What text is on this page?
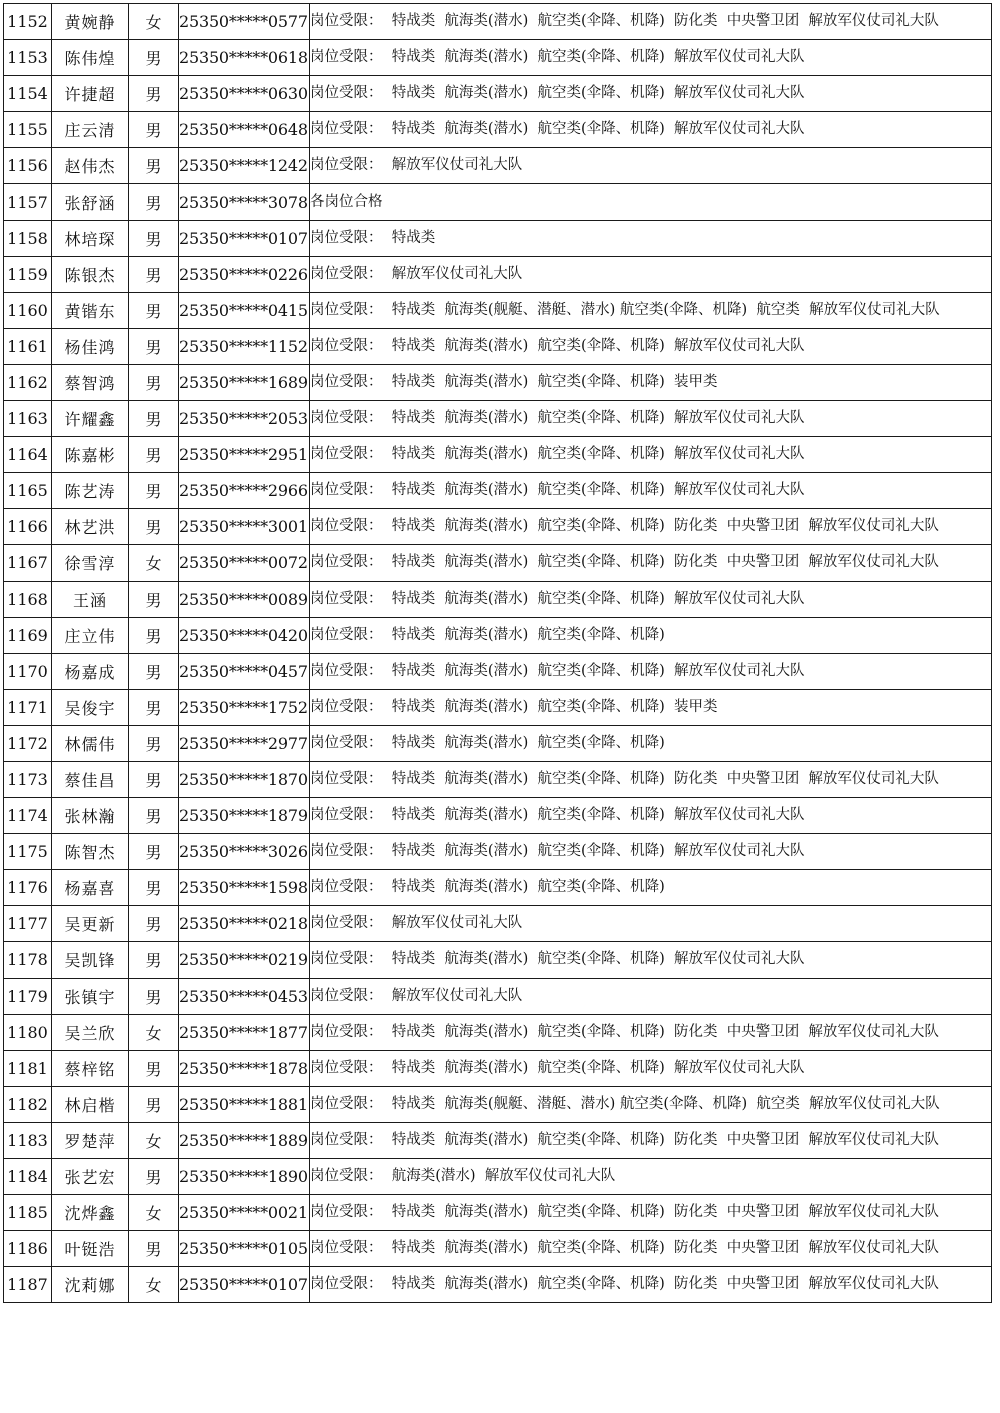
1152	黄婉静	女	25350*****0577	岗位受限：  特战类  航海类(潜水)  航空类(伞降、机降)  防化类  中央警卫团  解放军仪仗司礼大队
1153	陈伟煌	男	25350*****0618	岗位受限：  特战类  航海类(潜水)  航空类(伞降、机降)  解放军仪仗司礼大队
1154	许捷超	男	25350*****0630	岗位受限：  特战类  航海类(潜水)  航空类(伞降、机降)  解放军仪仗司礼大队
1155	庄云清	男	25350*****0648	岗位受限：  特战类  航海类(潜水)  航空类(伞降、机降)  解放军仪仗司礼大队
1156	赵伟杰	男	25350*****1242	岗位受限：  解放军仪仗司礼大队
1157	张舒涵	男	25350*****3078	各岗位合格
1158	林培琛	男	25350*****0107	岗位受限：  特战类
1159	陈银杰	男	25350*****0226	岗位受限：  解放军仪仗司礼大队
1160	黄锴东	男	25350*****0415	岗位受限：  特战类  航海类(舰艇、潜艇、潜水) 航空类(伞降、机降)  航空类  解放军仪仗司礼大队
1161	杨佳鸿	男	25350*****1152	岗位受限：  特战类  航海类(潜水)  航空类(伞降、机降)  解放军仪仗司礼大队
1162	蔡智鸿	男	25350*****1689	岗位受限：  特战类  航海类(潜水)  航空类(伞降、机降)  装甲类
1163	许耀鑫	男	25350*****2053	岗位受限：  特战类  航海类(潜水)  航空类(伞降、机降)  解放军仪仗司礼大队
1164	陈嘉彬	男	25350*****2951	岗位受限：  特战类  航海类(潜水)  航空类(伞降、机降)  解放军仪仗司礼大队
1165	陈艺涛	男	25350*****2966	岗位受限：  特战类  航海类(潜水)  航空类(伞降、机降)  解放军仪仗司礼大队
1166	林艺洪	男	25350*****3001	岗位受限：  特战类  航海类(潜水)  航空类(伞降、机降)  防化类  中央警卫团  解放军仪仗司礼大队
1167	徐雪淳	女	25350*****0072	岗位受限：  特战类  航海类(潜水)  航空类(伞降、机降)  防化类  中央警卫团  解放军仪仗司礼大队
1168	王涵	男	25350*****0089	岗位受限：  特战类  航海类(潜水)  航空类(伞降、机降)  解放军仪仗司礼大队
1169	庄立伟	男	25350*****0420	岗位受限：  特战类  航海类(潜水)  航空类(伞降、机降)
1170	杨嘉成	男	25350*****0457	岗位受限：  特战类  航海类(潜水)  航空类(伞降、机降)  解放军仪仗司礼大队
1171	吴俊宇	男	25350*****1752	岗位受限：  特战类  航海类(潜水)  航空类(伞降、机降)  装甲类
1172	林儒伟	男	25350*****2977	岗位受限：  特战类  航海类(潜水)  航空类(伞降、机降)
1173	蔡佳昌	男	25350*****1870	岗位受限：  特战类  航海类(潜水)  航空类(伞降、机降)  防化类  中央警卫团  解放军仪仗司礼大队
1174	张林瀚	男	25350*****1879	岗位受限：  特战类  航海类(潜水)  航空类(伞降、机降)  解放军仪仗司礼大队
1175	陈智杰	男	25350*****3026	岗位受限：  特战类  航海类(潜水)  航空类(伞降、机降)  解放军仪仗司礼大队
1176	杨嘉喜	男	25350*****1598	岗位受限：  特战类  航海类(潜水)  航空类(伞降、机降)
1177	吴更新	男	25350*****0218	岗位受限：  解放军仪仗司礼大队
1178	吴凯锋	男	25350*****0219	岗位受限：  特战类  航海类(潜水)  航空类(伞降、机降)  解放军仪仗司礼大队
1179	张镇宇	男	25350*****0453	岗位受限：  解放军仪仗司礼大队
1180	吴兰欣	女	25350*****1877	岗位受限：  特战类  航海类(潜水)  航空类(伞降、机降)  防化类  中央警卫团  解放军仪仗司礼大队
1181	蔡梓铭	男	25350*****1878	岗位受限：  特战类  航海类(潜水)  航空类(伞降、机降)  解放军仪仗司礼大队
1182	林启楷	男	25350*****1881	岗位受限：  特战类  航海类(舰艇、潜艇、潜水) 航空类(伞降、机降)  航空类  解放军仪仗司礼大队
1183	罗楚萍	女	25350*****1889	岗位受限：  特战类  航海类(潜水)  航空类(伞降、机降)  防化类  中央警卫团  解放军仪仗司礼大队
1184	张艺宏	男	25350*****1890	岗位受限：  航海类(潜水)  解放军仪仗司礼大队
1185	沈烨鑫	女	25350*****0021	岗位受限：  特战类  航海类(潜水)  航空类(伞降、机降)  防化类  中央警卫团  解放军仪仗司礼大队
1186	叶铤浩	男	25350*****0105	岗位受限：  特战类  航海类(潜水)  航空类(伞降、机降)  防化类  中央警卫团  解放军仪仗司礼大队
1187	沈莉娜	女	25350*****0107	岗位受限：  特战类  航海类(潜水)  航空类(伞降、机降)  防化类  中央警卫团  解放军仪仗司礼大队
